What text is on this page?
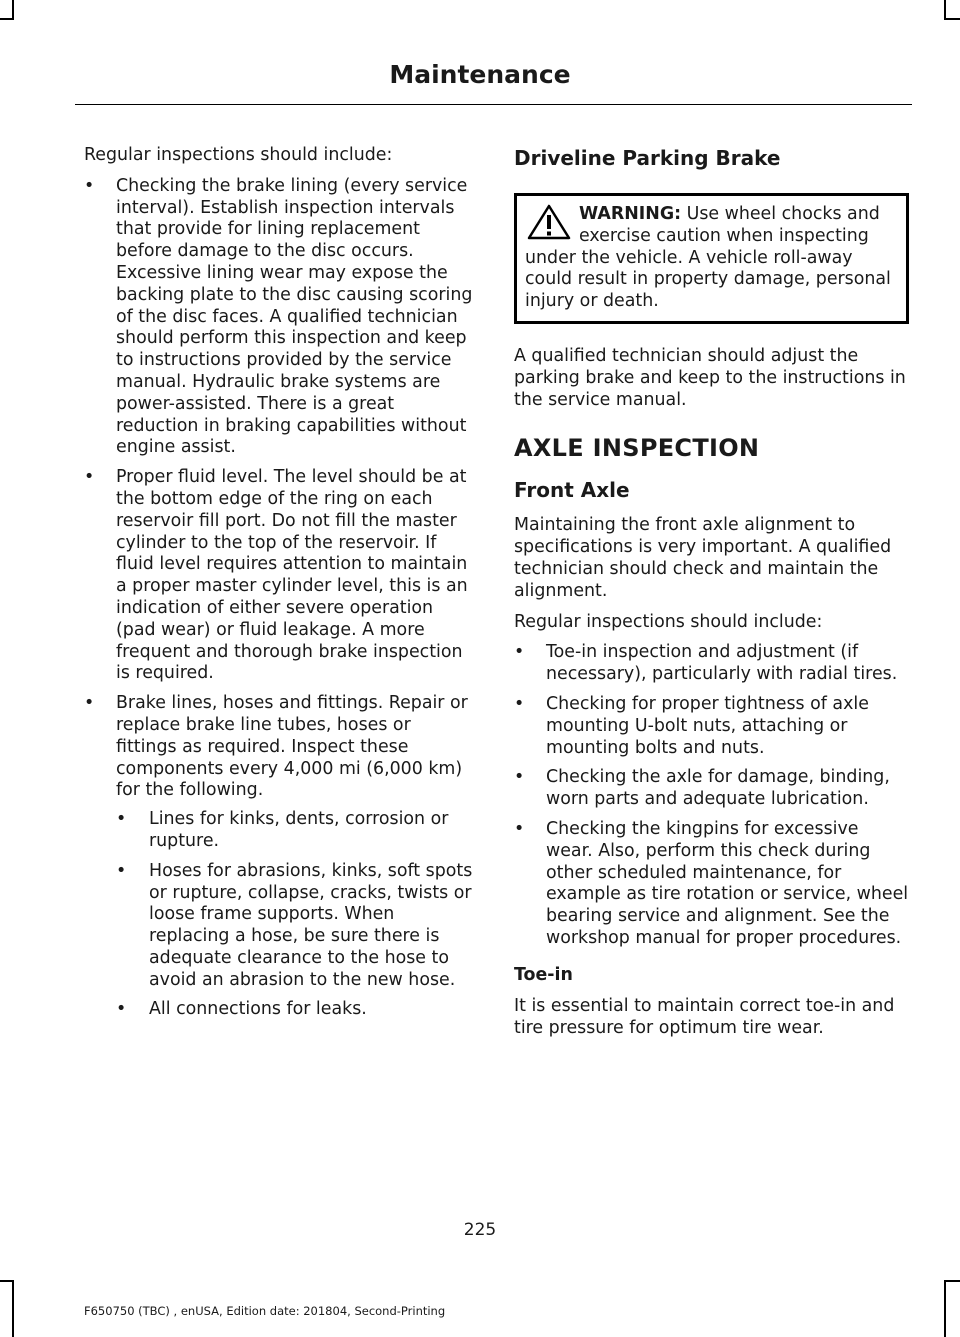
Maintenance

Regular inspections should include:

• Checking the brake lining (every service interval). Establish inspection intervals that provide for lining replacement before damage to the disc occurs. Excessive lining wear may expose the backing plate to the disc causing scoring of the disc faces. A qualified technician should perform this inspection and keep to instructions provided by the service manual. Hydraulic brake systems are power-assisted. There is a great reduction in braking capabilities without engine assist.
• Proper fluid level. The level should be at the bottom edge of the ring on each reservoir fill port. Do not fill the master cylinder to the top of the reservoir. If fluid level requires attention to maintain a proper master cylinder level, this is an indication of either severe operation (pad wear) or fluid leakage. A more frequent and thorough brake inspection is required.
• Brake lines, hoses and fittings. Repair or replace brake line tubes, hoses or fittings as required. Inspect these components every 4,000 mi (6,000 km) for the following.
• Lines for kinks, dents, corrosion or rupture.
• Hoses for abrasions, kinks, soft spots or rupture, collapse, cracks, twists or loose frame supports. When replacing a hose, be sure there is adequate clearance to the hose to avoid an abrasion to the new hose.
• All connections for leaks.
Driveline Parking Brake
WARNING: Use wheel chocks and exercise caution when inspecting under the vehicle. A vehicle roll-away could result in property damage, personal injury or death.

A qualified technician should adjust the parking brake and keep to the instructions in the service manual.

AXLE INSPECTION
Front Axle

Maintaining the front axle alignment to specifications is very important. A qualified technician should check and maintain the alignment.

Regular inspections should include:

• Toe-in inspection and adjustment (if necessary), particularly with radial tires.
• Checking for proper tightness of axle mounting U-bolt nuts, attaching or mounting bolts and nuts.
• Checking the axle for damage, binding, worn parts and adequate lubrication.
• Checking the kingpins for excessive wear. Also, perform this check during other scheduled maintenance, for example as tire rotation or service, wheel bearing service and alignment. See the workshop manual for proper procedures.
Toe-in

It is essential to maintain correct toe-in and tire pressure for optimum tire wear.

225
F650750 (TBC) , enUSA, Edition date: 201804, Second-Printing
